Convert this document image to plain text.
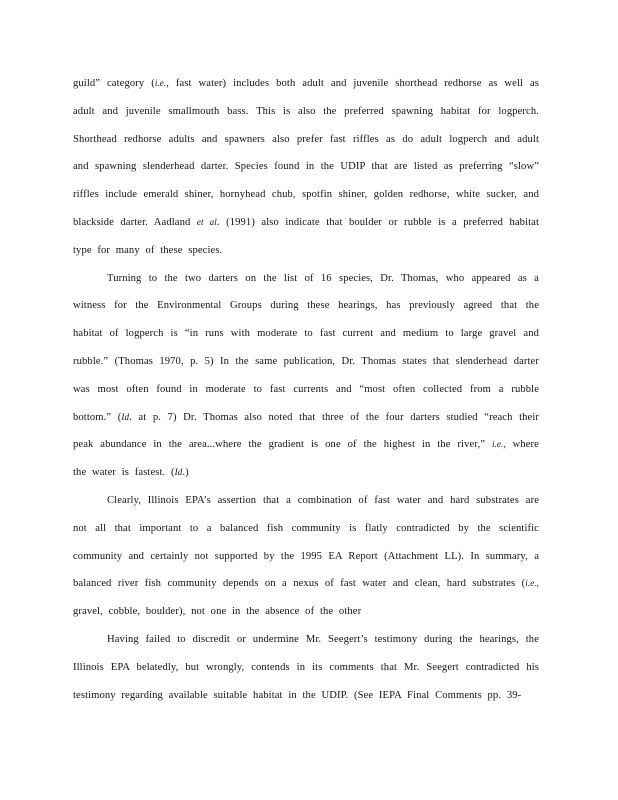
guild” category (i.e., fast water) includes both adult and juvenile shorthead redhorse as well as adult and juvenile smallmouth bass. This is also the preferred spawning habitat for logperch. Shorthead redhorse adults and spawners also prefer fast riffles as do adult logperch and adult and spawning slenderhead darter. Species found in the UDIP that are listed as preferring “slow” riffles include emerald shiner, hornyhead chub, spotfin shiner, golden redhorse, white sucker, and blackside darter. Aadland et al. (1991) also indicate that boulder or rubble is a preferred habitat type for many of these species.

Turning to the two darters on the list of 16 species, Dr. Thomas, who appeared as a witness for the Environmental Groups during these hearings, has previously agreed that the habitat of logperch is “in runs with moderate to fast current and medium to large gravel and rubble.” (Thomas 1970, p. 5) In the same publication, Dr. Thomas states that slenderhead darter was most often found in moderate to fast currents and “most often collected from a rubble bottom.” (Id. at p. 7) Dr. Thomas also noted that three of the four darters studied “reach their peak abundance in the area...where the gradient is one of the highest in the river,” i.e., where the water is fastest. (Id.)

Clearly, Illinois EPA’s assertion that a combination of fast water and hard substrates are not all that important to a balanced fish community is flatly contradicted by the scientific community and certainly not supported by the 1995 EA Report (Attachment LL). In summary, a balanced river fish community depends on a nexus of fast water and clean, hard substrates (i.e., gravel, cobble, boulder), not one in the absence of the other

Having failed to discredit or undermine Mr. Seegert’s testimony during the hearings, the Illinois EPA belatedly, but wrongly, contends in its comments that Mr. Seegert contradicted his testimony regarding available suitable habitat in the UDIP. (See IEPA Final Comments pp. 39-
